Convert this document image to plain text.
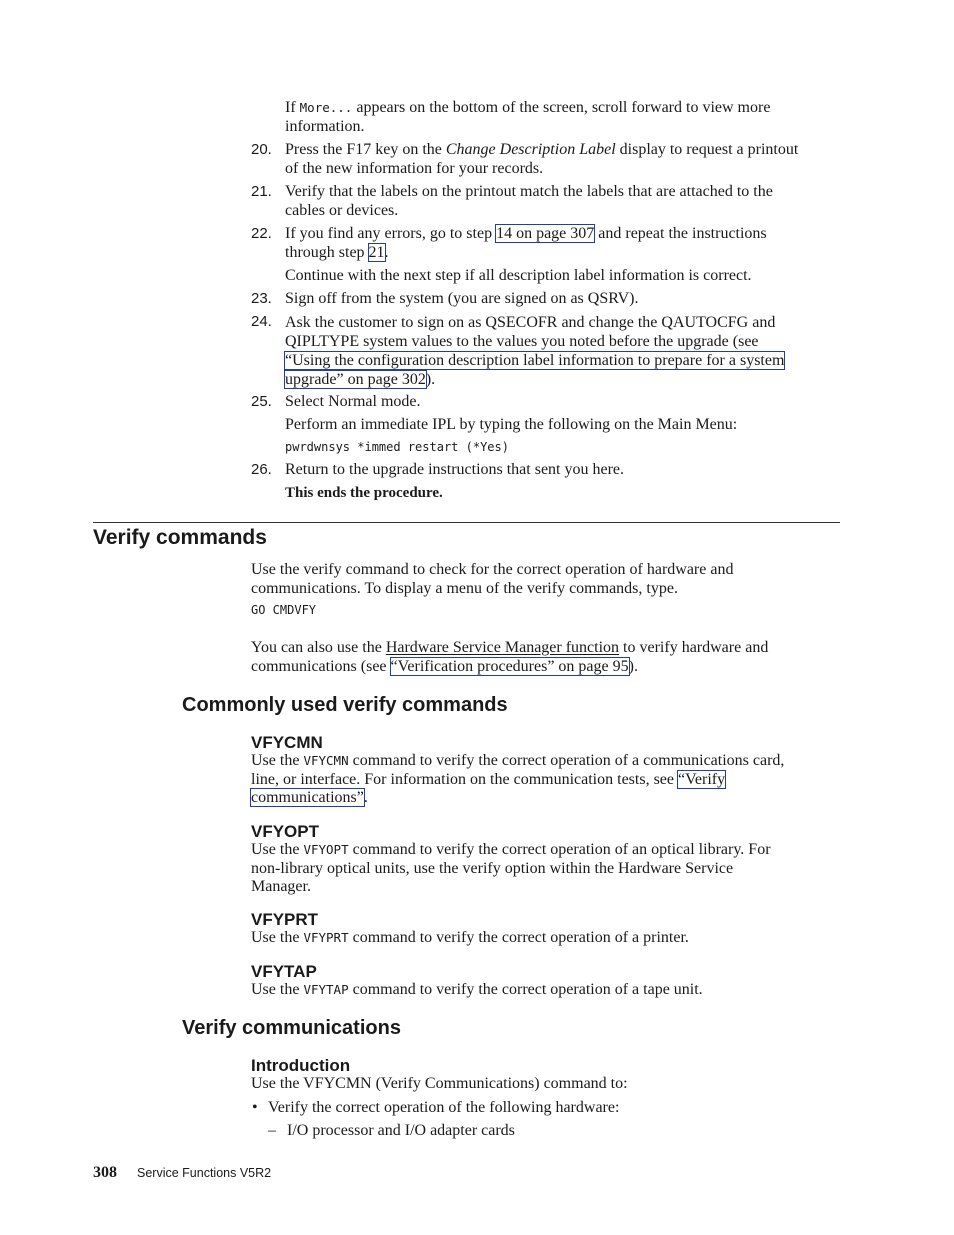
If More... appears on the bottom of the screen, scroll forward to view more
information.
20. Press the F17 key on the Change Description Label display to request a printout
of the new information for your records.
21. Verify that the labels on the printout match the labels that are attached to the
cables or devices.
22. If you find any errors, go to step 14 on page 307 and repeat the instructions
through step 21.
Continue with the next step if all description label information is correct.
23. Sign off from the system (you are signed on as QSRV).
24. Ask the customer to sign on as QSECOFR and change the QAUTOCFG and
QIPLTYPE system values to the values you noted before the upgrade (see
“Using the configuration description label information to prepare for a system
upgrade” on page 302).
25. Select Normal mode.
Perform an immediate IPL by typing the following on the Main Menu:
pwrdwnsys *immed restart (*Yes)
26. Return to the upgrade instructions that sent you here.
This ends the procedure.
Verify commands
Use the verify command to check for the correct operation of hardware and
communications. To display a menu of the verify commands, type.
GO CMDVFY
You can also use the Hardware Service Manager function to verify hardware and
communications (see “Verification procedures” on page 95).
Commonly used verify commands
VFYCMN
Use the VFYCMN command to verify the correct operation of a communications card,
line, or interface. For information on the communication tests, see “Verify
communications”.
VFYOPT
Use the VFYOPT command to verify the correct operation of an optical library. For
non-library optical units, use the verify option within the Hardware Service
Manager.
VFYPRT
Use the VFYPRT command to verify the correct operation of a printer.
VFYTAP
Use the VFYTAP command to verify the correct operation of a tape unit.
Verify communications
Introduction
Use the VFYCMN (Verify Communications) command to:
• Verify the correct operation of the following hardware:
– I/O processor and I/O adapter cards
308 Service Functions V5R2
